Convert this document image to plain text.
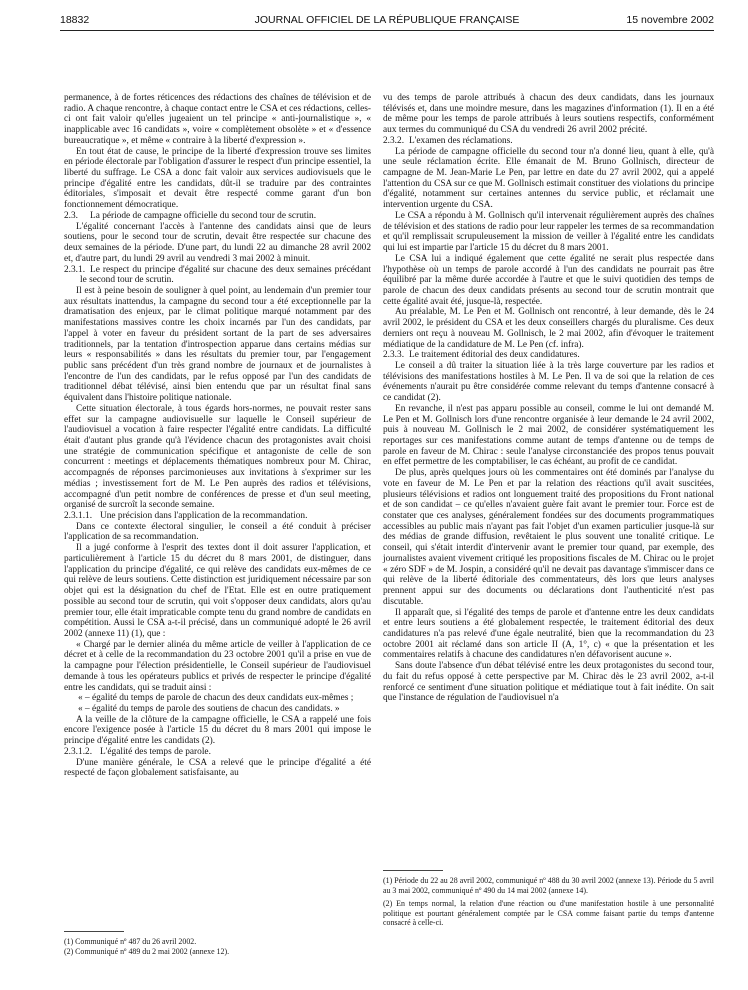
18832	JOURNAL OFFICIEL DE LA RÉPUBLIQUE FRANÇAISE	15 novembre 2002

permanence, à de fortes réticences des rédactions des chaînes de télévision et de radio. A chaque rencontre, à chaque contact entre le CSA et ces rédactions, celles-ci ont fait valoir qu'elles jugeaient un tel principe « anti-journalistique », « inapplicable avec 16 candidats », voire « complètement obsolète » et « d'essence bureaucratique », et même « contraire à la liberté d'expression ».

En tout état de cause, le principe de la liberté d'expression trouve ses limites en période électorale par l'obligation d'assurer le respect d'un principe essentiel, la liberté du suffrage. Le CSA a donc fait valoir aux services audiovisuels que le principe d'égalité entre les candidats, dût-il se traduire par des contraintes éditoriales, s'imposait et devait être respecté comme garant d'un bon fonctionnement démocratique.

2.3. La période de campagne officielle du second tour de scrutin.

L'égalité concernant l'accès à l'antenne des candidats ainsi que de leurs soutiens, pour le second tour de scrutin, devait être respectée sur chacune des deux semaines de la période. D'une part, du lundi 22 au dimanche 28 avril 2002 et, d'autre part, du lundi 29 avril au vendredi 3 mai 2002 à minuit.

2.3.1. Le respect du principe d'égalité sur chacune des deux semaines précédant le second tour de scrutin.

Il est à peine besoin de souligner à quel point, au lendemain d'un premier tour aux résultats inattendus, la campagne du second tour a été exceptionnelle par la dramatisation des enjeux, par le climat politique marqué notamment par des manifestations massives contre les choix incarnés par l'un des candidats, par l'appel à voter en faveur du président sortant de la part de ses adversaires traditionnels, par la tentation d'introspection apparue dans certains médias sur leurs « responsabilités » dans les résultats du premier tour, par l'engagement public sans précédent d'un très grand nombre de journaux et de journalistes à l'encontre de l'un des candidats, par le refus opposé par l'un des candidats de traditionnel débat télévisé, ainsi bien entendu que par un résultat final sans équivalent dans l'histoire politique nationale.

Cette situation électorale, à tous égards hors-normes, ne pouvait rester sans effet sur la campagne audiovisuelle sur laquelle le Conseil supérieur de l'audiovisuel a vocation à faire respecter l'égalité entre candidats. La difficulté était d'autant plus grande qu'à l'évidence chacun des protagonistes avait choisi une stratégie de communication spécifique et antagoniste de celle de son concurrent : meetings et déplacements thématiques nombreux pour M. Chirac, accompagnés de réponses parcimonieuses aux invitations à s'exprimer sur les médias ; investissement fort de M. Le Pen auprès des radios et télévisions, accompagné d'un petit nombre de conférences de presse et d'un seul meeting, organisé de surcroît la seconde semaine.

2.3.1.1. Une précision dans l'application de la recommandation.

Dans ce contexte électoral singulier, le conseil a été conduit à préciser l'application de sa recommandation.

Il a jugé conforme à l'esprit des textes dont il doit assurer l'application, et particulièrement à l'article 15 du décret du 8 mars 2001, de distinguer, dans l'application du principe d'égalité, ce qui relève des candidats eux-mêmes de ce qui relève de leurs soutiens. Cette distinction est juridiquement nécessaire par son objet qui est la désignation du chef de l'Etat. Elle est en outre pratiquement possible au second tour de scrutin, qui voit s'opposer deux candidats, alors qu'au premier tour, elle était impraticable compte tenu du grand nombre de candidats en compétition. Aussi le CSA a-t-il précisé, dans un communiqué adopté le 26 avril 2002 (annexe 11) (1), que :

« Chargé par le dernier alinéa du même article de veiller à l'application de ce décret et à celle de la recommandation du 23 octobre 2001 qu'il a prise en vue de la campagne pour l'élection présidentielle, le Conseil supérieur de l'audiovisuel demande à tous les opérateurs publics et privés de respecter le principe d'égalité entre les candidats, qui se traduit ainsi :

« – égalité du temps de parole de chacun des deux candidats eux-mêmes ;

« – égalité du temps de parole des soutiens de chacun des candidats. »

A la veille de la clôture de la campagne officielle, le CSA a rappelé une fois encore l'exigence posée à l'article 15 du décret du 8 mars 2001 qui impose le principe d'égalité entre les candidats (2).

2.3.1.2. L'égalité des temps de parole.

D'une manière générale, le CSA a relevé que le principe d'égalité a été respecté de façon globalement satisfaisante, au

vu des temps de parole attribués à chacun des deux candidats, dans les journaux télévisés et, dans une moindre mesure, dans les magazines d'information (1). Il en a été de même pour les temps de parole attribués à leurs soutiens respectifs, conformément aux termes du communiqué du CSA du vendredi 26 avril 2002 précité.

2.3.2. L'examen des réclamations.

La période de campagne officielle du second tour n'a donné lieu, quant à elle, qu'à une seule réclamation écrite. Elle émanait de M. Bruno Gollnisch, directeur de campagne de M. Jean-Marie Le Pen, par lettre en date du 27 avril 2002, qui a appelé l'attention du CSA sur ce que M. Gollnisch estimait constituer des violations du principe d'égalité, notamment sur certaines antennes du service public, et réclamait une intervention urgente du CSA.

Le CSA a répondu à M. Gollnisch qu'il intervenait régulièrement auprès des chaînes de télévision et des stations de radio pour leur rappeler les termes de sa recommandation et qu'il remplissait scrupuleusement la mission de veiller à l'égalité entre les candidats qui lui est impartie par l'article 15 du décret du 8 mars 2001.

Le CSA lui a indiqué également que cette égalité ne serait plus respectée dans l'hypothèse où un temps de parole accordé à l'un des candidats ne pourrait pas être équilibré par la même durée accordée à l'autre et que le suivi quotidien des temps de parole de chacun des deux candidats présents au second tour de scrutin montrait que cette égalité avait été, jusque-là, respectée.

Au préalable, M. Le Pen et M. Gollnisch ont rencontré, à leur demande, dès le 24 avril 2002, le président du CSA et les deux conseillers chargés du pluralisme. Ces deux derniers ont reçu à nouveau M. Gollnisch, le 2 mai 2002, afin d'évoquer le traitement médiatique de la candidature de M. Le Pen (cf. infra).

2.3.3. Le traitement éditorial des deux candidatures.

Le conseil a dû traiter la situation liée à la très large couverture par les radios et télévisions des manifestations hostiles à M. Le Pen. Il va de soi que la relation de ces événements n'aurait pu être considérée comme relevant du temps d'antenne consacré à ce candidat (2).

En revanche, il n'est pas apparu possible au conseil, comme le lui ont demandé M. Le Pen et M. Gollnisch lors d'une rencontre organisée à leur demande le 24 avril 2002, puis à nouveau M. Gollnisch le 2 mai 2002, de considérer systématiquement les reportages sur ces manifestations comme autant de temps d'antenne ou de temps de parole en faveur de M. Chirac : seule l'analyse circonstanciée des propos tenus pouvait en effet permettre de les comptabiliser, le cas échéant, au profit de ce candidat.

De plus, après quelques jours où les commentaires ont été dominés par l'analyse du vote en faveur de M. Le Pen et par la relation des réactions qu'il avait suscitées, plusieurs télévisions et radios ont longuement traité des propositions du Front national et de son candidat – ce qu'elles n'avaient guère fait avant le premier tour. Force est de constater que ces analyses, généralement fondées sur des documents programmatiques accessibles au public mais n'ayant pas fait l'objet d'un examen particulier jusque-là sur des médias de grande diffusion, revêtaient le plus souvent une tonalité critique. Le conseil, qui s'était interdit d'intervenir avant le premier tour quand, par exemple, des journalistes avaient vivement critiqué les propositions fiscales de M. Chirac ou le projet « zéro SDF » de M. Jospin, a considéré qu'il ne devait pas davantage s'immiscer dans ce qui relève de la liberté éditoriale des commentateurs, dès lors que leurs analyses prennent appui sur des documents ou déclarations dont l'authenticité n'est pas discutable.

Il apparaît que, si l'égalité des temps de parole et d'antenne entre les deux candidats et entre leurs soutiens a été globalement respectée, le traitement éditorial des deux candidatures n'a pas relevé d'une égale neutralité, bien que la recommandation du 23 octobre 2001 ait réclamé dans son article II (A, 1°, c) « que la présentation et les commentaires relatifs à chacune des candidatures n'en défavorisent aucune ».

Sans doute l'absence d'un débat télévisé entre les deux protagonistes du second tour, du fait du refus opposé à cette perspective par M. Chirac dès le 23 avril 2002, a-t-il renforcé ce sentiment d'une situation politique et médiatique tout à fait inédite. On sait que l'instance de régulation de l'audiovisuel n'a

(1) Communiqué nº 487 du 26 avril 2002.
(2) Communiqué nº 489 du 2 mai 2002 (annexe 12).
(1) Période du 22 au 28 avril 2002, communiqué nº 488 du 30 avril 2002 (annexe 13). Période du 5 avril au 3 mai 2002, communiqué nº 490 du 14 mai 2002 (annexe 14).
(2) En temps normal, la relation d'une réaction ou d'une manifestation hostile à une personnalité politique est pourtant généralement comptée par le CSA comme faisant partie du temps d'antenne consacré à celle-ci.
